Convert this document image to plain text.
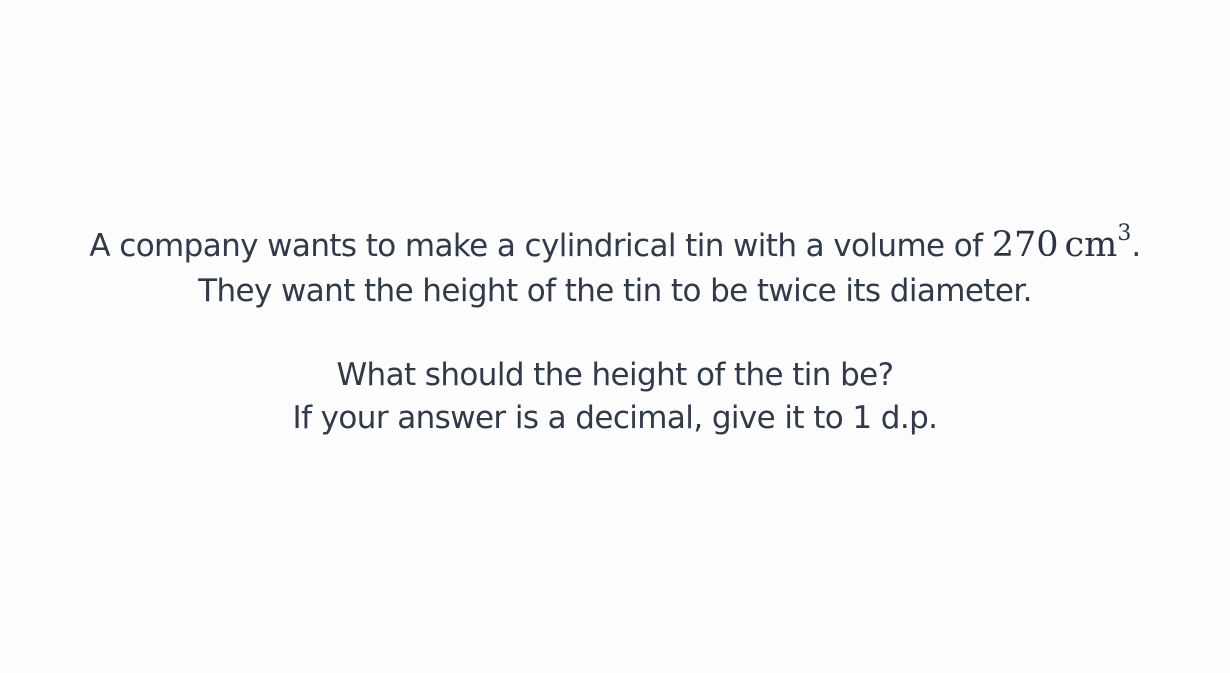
A company wants to make a cylindrical tin with a volume of 270 $cm^3$.
They want the height of the tin to be twice its diameter.
What should the height of the tin be?
If your answer is a decimal, give it to 1 d.p.
